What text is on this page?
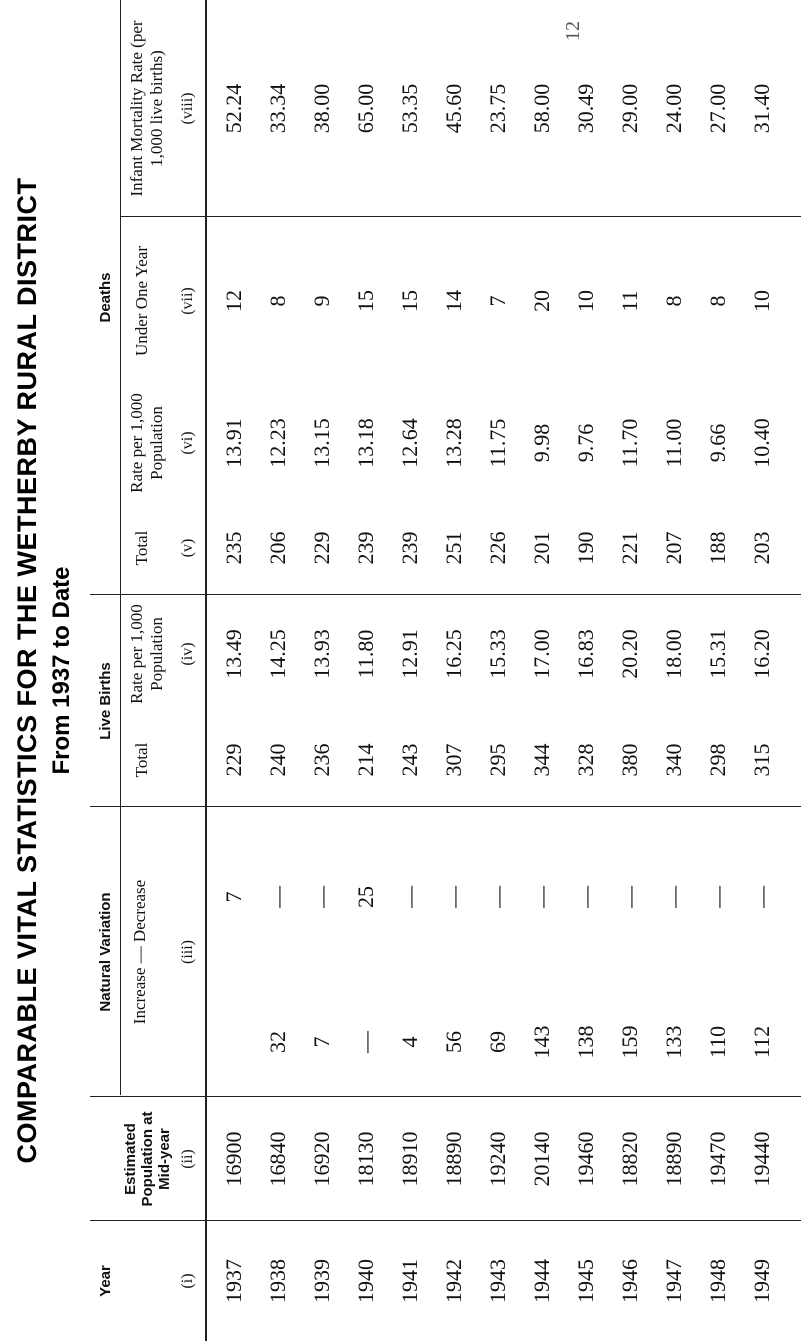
COMPARABLE VITAL STATISTICS FOR THE WETHERBY RURAL DISTRICT From 1937 to Date
Year
Estimated Population at Mid-year
Natural Variation
Live Births
Deaths
Increase — Decrease
Total
Rate per 1,000 Population
Total
Rate per 1,000 Population
Under One Year
Infant Mortality Rate (per 1,000 live births)
(i)
(ii)
(iii)
(iv)
(v)
(vi)
(vii)
(viii)
1937
16900
7
229
13.49
235
13.91
12
52.24
1938
16840
32
—
240
14.25
206
12.23
8
33.34
1939
16920
7
—
236
13.93
229
13.15
9
38.00
1940
18130
—
25
214
11.80
239
13.18
15
65.00
1941
18910
4
—
243
12.91
239
12.64
15
53.35
1942
18890
56
—
307
16.25
251
13.28
14
45.60
1943
19240
69
—
295
15.33
226
11.75
7
23.75
1944
20140
143
—
344
17.00
201
9.98
20
58.00
1945
19460
138
—
328
16.83
190
9.76
10
30.49
1946
18820
159
—
380
20.20
221
11.70
11
29.00
1947
18890
133
—
340
18.00
207
11.00
8
24.00
1948
19470
110
—
298
15.31
188
9.66
8
27.00
1949
19440
112
—
315
16.20
203
10.40
10
31.40
12
